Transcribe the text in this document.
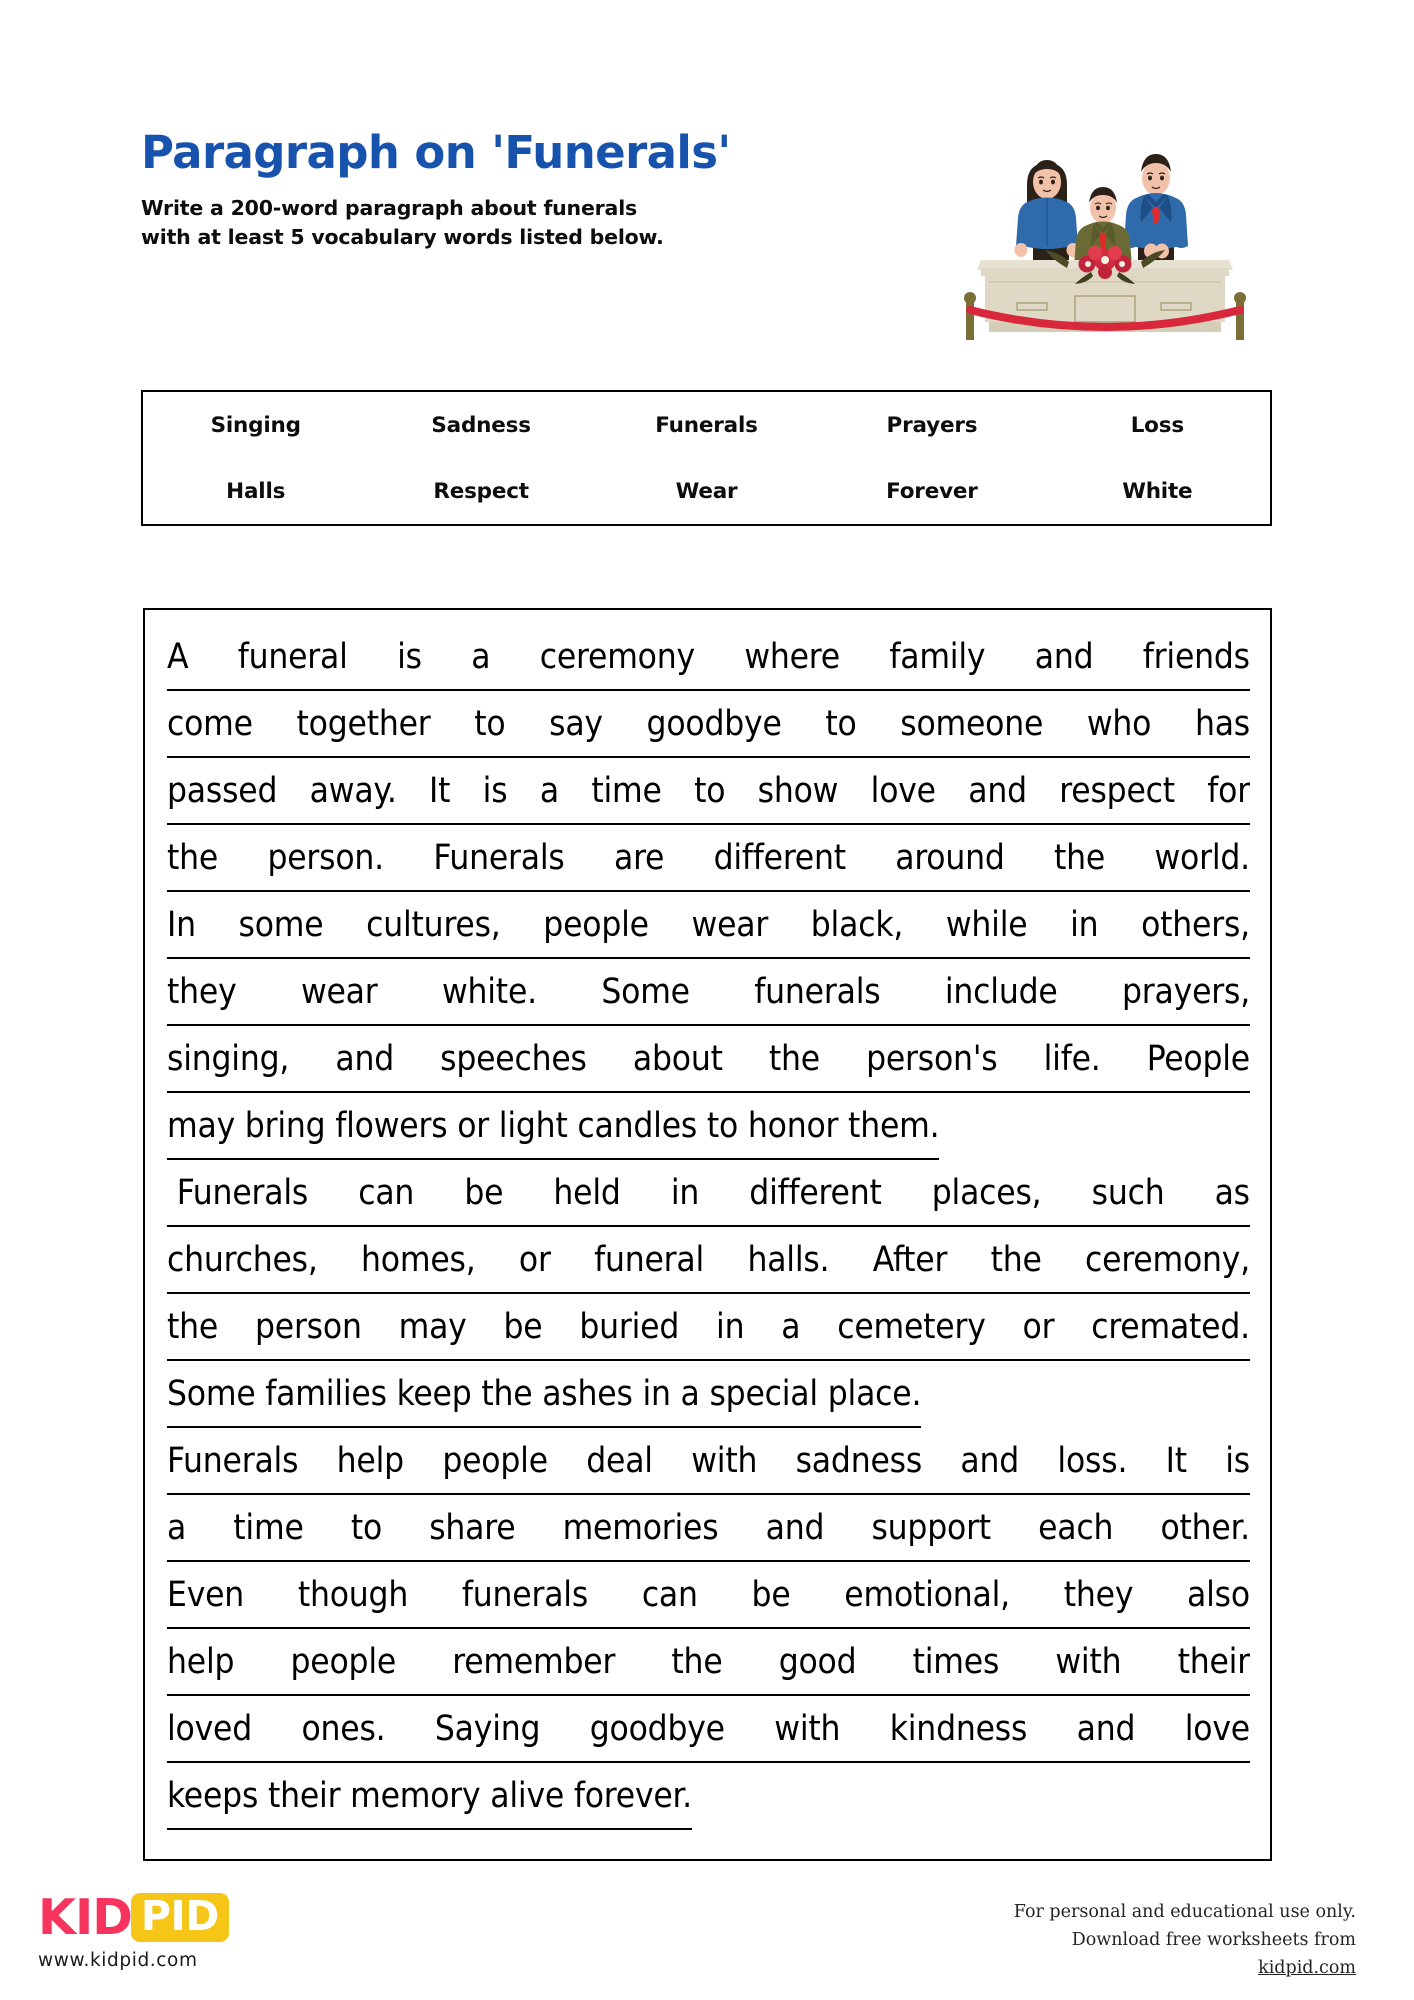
Paragraph on 'Funerals'
Write a 200-word paragraph about funerals
with at least 5 vocabulary words listed below.
Singing	Sadness	Funerals	Prayers	Loss
Halls	Respect	Wear	Forever	White
A funeral is a ceremony where family and friends
come together to say goodbye to someone who has
passed away. It is a time to show love and respect for
the person. Funerals are different around the world.
In some cultures, people wear black, while in others,
they wear white. Some funerals include prayers,
singing, and speeches about the person's life. People
may bring flowers or light candles to honor them.
Funerals can be held in different places, such as
churches, homes, or funeral halls. After the ceremony,
the person may be buried in a cemetery or cremated.
Some families keep the ashes in a special place.
Funerals help people deal with sadness and loss. It is
a time to share memories and support each other.
Even though funerals can be emotional, they also
help people remember the good times with their
loved ones. Saying goodbye with kindness and love
keeps their memory alive forever.
KID PID
www.kidpid.com
For personal and educational use only.
Download free worksheets from
kidpid.com
